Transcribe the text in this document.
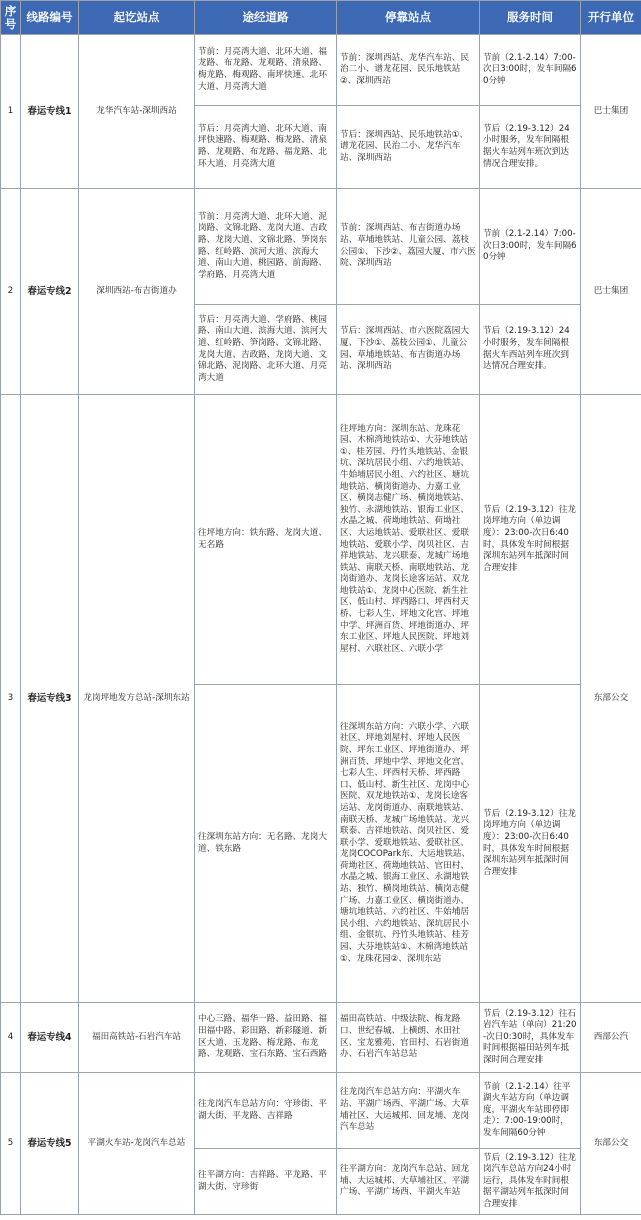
序号	线路编号	起讫站点	途经道路	停靠站点	服务时间	开行单位
1	春运专线1	龙华汽车站-深圳西站	节前：月亮湾大道、北环大道、福龙路、布龙路、龙观路、清泉路、梅龙路、梅观路、南坪快速、北环大道、月亮湾大道	节前：深圳西站、龙华汽车站、民治二小、谱龙花园、民乐地铁站②、深圳西站	节前（2.1-2.14）7:00-次日3:00时，发车间隔60分钟	巴士集团
			节后：月亮湾大道、北环大道、南坪快速路、梅观路、梅龙路、清泉路、龙观路、布龙路、福龙路、北环大道、月亮湾大道	节后：深圳西站、民乐地铁站①、谱龙花园、民治二小、龙华汽车站、深圳西站	节后（2.19-3.12）24小时服务，发车间隔根据火车站列车班次到达情况合理安排。	
2	春运专线2	深圳西站-布吉街道办	节前：月亮湾大道、北环大道、泥岗路、文锦北路、龙岗大道、吉政路、龙岗大道、文锦北路、笋岗东路、红岭路、滨河大道、滨海大道、南山大道、桃园路、前海路、学府路、月亮湾大道	节前：深圳西站、布吉街道办场站、草埔地铁站、儿童公园、荔枝公园①、下沙②、荔园大厦、市六医院、深圳西站	节前（2.1-2.14）7:00-次日3:00时，发车间隔60分钟	巴士集团
			节后：月亮湾大道、学府路、桃园路、南山大道、滨海大道、滨河大道、红岭路、笋岗路、文锦北路、龙岗大道、吉政路、龙岗大道、文锦北路、泥岗路、北环大道、月亮湾大道	节后：深圳西站、市六医院荔园大厦、下沙①、荔枝公园①、儿童公园、草埔地铁站、布吉街道办场站、深圳西站	节后（2.19-3.12）24小时服务，发车间隔根据火车西站列车班次到达情况合理安排。	
3	春运专线3	龙岗坪地发方总站-深圳东站	往坪地方向：铁东路、龙岗大道、无名路	往坪地方向：深圳东站、龙珠花园、木棉湾地铁站①、大芬地铁站①、桂芳园、丹竹头地铁站、金银坑、深坑居民小组、六约地铁站、牛始埔居民小组、六约社区、塘坑地铁站、横岗街道办、力嘉工业区、横岗志健广场、横岗地铁站、独竹、永湖地铁站、银海工业区、水晶之城、荷坳地铁站、荷坳社区、大运地铁站、爱联社区、爱联地铁站、爱联小学、岗贝社区、吉祥地铁站、龙兴联泰、龙城广场地铁站、南联天桥、南联地铁站、龙岗街道办、龙岗长途客运站、双龙地铁站①、龙岗中心医院、新生社区、低山村、坪西路口、坪西村天桥、七彩人生、坪地文化宫、坪地中学、坪洲百货、坪地街道办、坪东工业区、坪地人民医院、坪地刘屋村、六联社区、六联小学	节后（2.19-3.12）往龙岗坪地方向（单边调度）：23:00-次日6:40时，具体发车时间根据深圳东站列车抵深时间合理安排	东部公交
			往深圳东站方向：无名路、龙岗大道、铁东路	往深圳东站方向：六联小学、六联社区、坪地刘屋村、坪地人民医院、坪东工业区、坪地街道办、坪洲百货、坪地中学、坪地文化宫、七彩人生、坪西村天桥、坪西路口、低山村、新生社区、龙岗中心医院、双龙地铁站①、龙岗长途客运站、龙岗街道办、南联地铁站、南联天桥、龙城广场地铁站、龙兴联泰、吉祥地铁站、岗贝社区、爱联小学、爱联地铁站、爱联社区、龙岗COCOPark东、大运地铁站、荷坳社区、荷坳地铁站、官田村、水晶之城、银海工业区、永湖地铁站、独竹、横岗地铁站、横岗志健广场、力嘉工业区、横岗街道办、塘坑地铁站、六约社区、牛始埔居民小组、六约地铁站、深坑居民小组、金银坑、丹竹头地铁站、桂芳园、大芬地铁站①、木棉湾地铁站①、龙珠花园②、深圳东站	节后（2.19-3.12）往龙岗坪地方向（单边调度）：23:00-次日6:40时，具体发车时间根据深圳东站列车抵深时间合理安排	
4	春运专线4	福田高铁站-石岩汽车站	中心三路、福华一路、益田路、福田福中路、彩田路、新彩隧道、新区大道、玉龙路、梅龙路、布龙路、龙观路、宝石东路、宝石西路	福田高铁站、中级法院、梅龙路口、世纪春城、上横朗、水田社区、宝龙雅苑、官田村、石岩街道办、石岩汽车站总站	节后（2.19-3.12）往石岩汽车站（单向）21:20-次日0:30时，具体发车时间根据福田站列车抵深时间合理安排	西部公汽
5	春运专线5	平湖火车站-龙岗汽车总站	往龙岗汽车总站方向：守珍街、平湖大街、平龙路、吉祥路	往龙岗汽车总站方向：平湖火车站、平湖广场西、平湖广场、大草埔社区、大运城邦、回龙埔、龙岗汽车总站	节前（2.1-2.14）往平湖火车站方向（单边调度，平湖火车站即停即走）：7:00-19:00时，发车间隔60分钟	东部公交
			往平湖方向：吉祥路、平龙路、平湖大街、守珍街	往平湖方向：龙岗汽车总站、回龙埔、大运城邦、大草埔社区、平湖广场、平湖广场西、平湖火车站	节后（2.19-3.12）往龙岗汽车总站方向24小时运行，具体发车时间根据平湖站列车抵深时间合理安排	
